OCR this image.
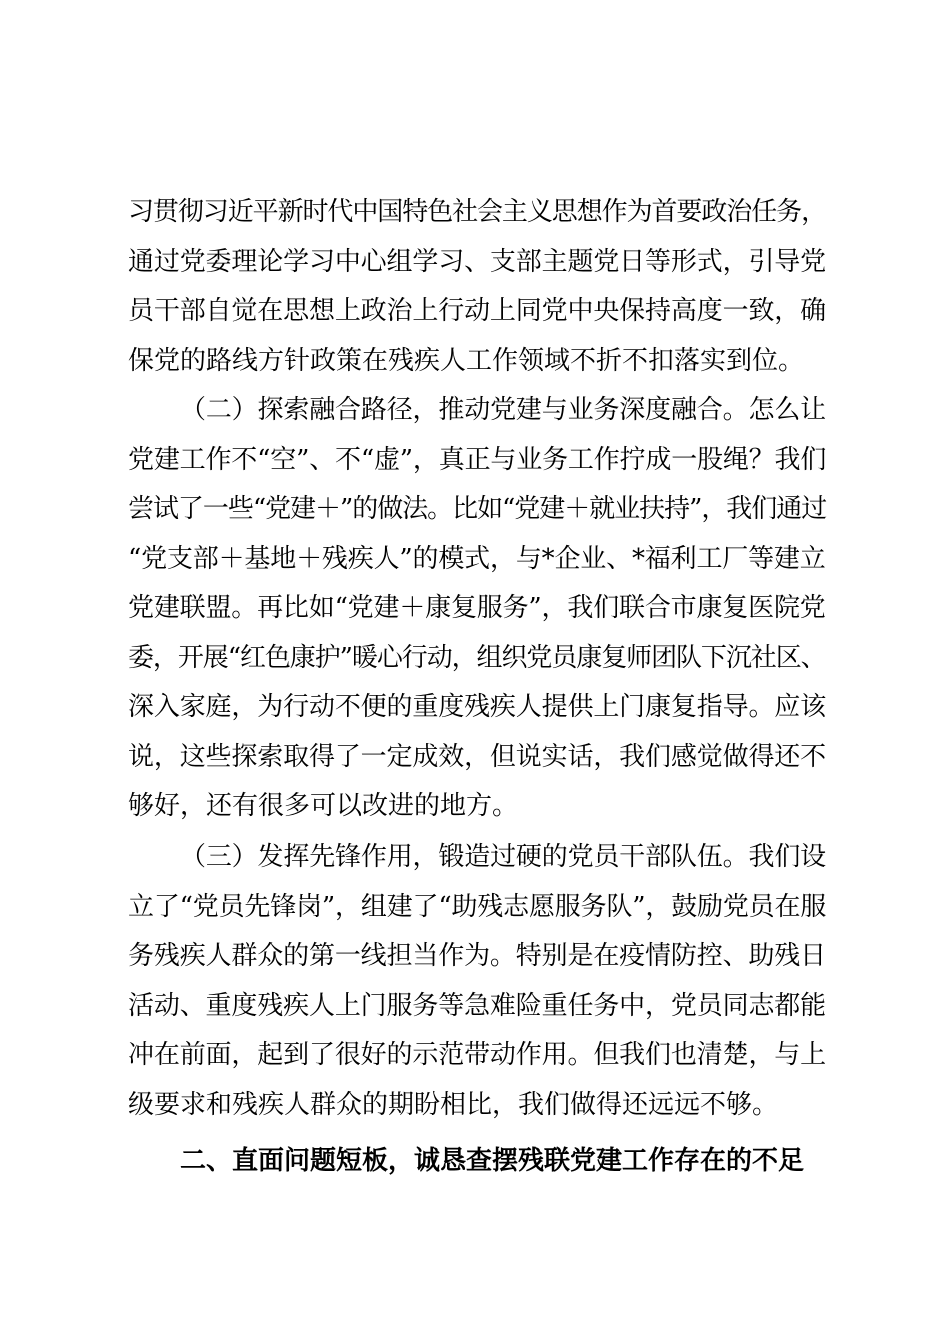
习贯彻习近平新时代中国特色社会主义思想作为首要政治任务，
通过党委理论学习中心组学习、支部主题党日等形式，引导党
员干部自觉在思想上政治上行动上同党中央保持高度一致，确
保党的路线方针政策在残疾人工作领域不折不扣落实到位。
（二）探索融合路径，推动党建与业务深度融合。怎么让
党建工作不“空”、不“虚”，真正与业务工作拧成一股绳？我们
尝试了一些“党建＋”的做法。比如“党建＋就业扶持”，我们通过
“党支部＋基地＋残疾人”的模式，与*企业、*福利工厂等建立
党建联盟。再比如“党建＋康复服务”，我们联合市康复医院党
委，开展“红色康护”暖心行动，组织党员康复师团队下沉社区、
深入家庭，为行动不便的重度残疾人提供上门康复指导。应该
说，这些探索取得了一定成效，但说实话，我们感觉做得还不
够好，还有很多可以改进的地方。
（三）发挥先锋作用，锻造过硬的党员干部队伍。我们设
立了“党员先锋岗”，组建了“助残志愿服务队”，鼓励党员在服
务残疾人群众的第一线担当作为。特别是在疫情防控、助残日
活动、重度残疾人上门服务等急难险重任务中，党员同志都能
冲在前面，起到了很好的示范带动作用。但我们也清楚，与上
级要求和残疾人群众的期盼相比，我们做得还远远不够。
二、直面问题短板，诚恳查摆残联党建工作存在的不足
